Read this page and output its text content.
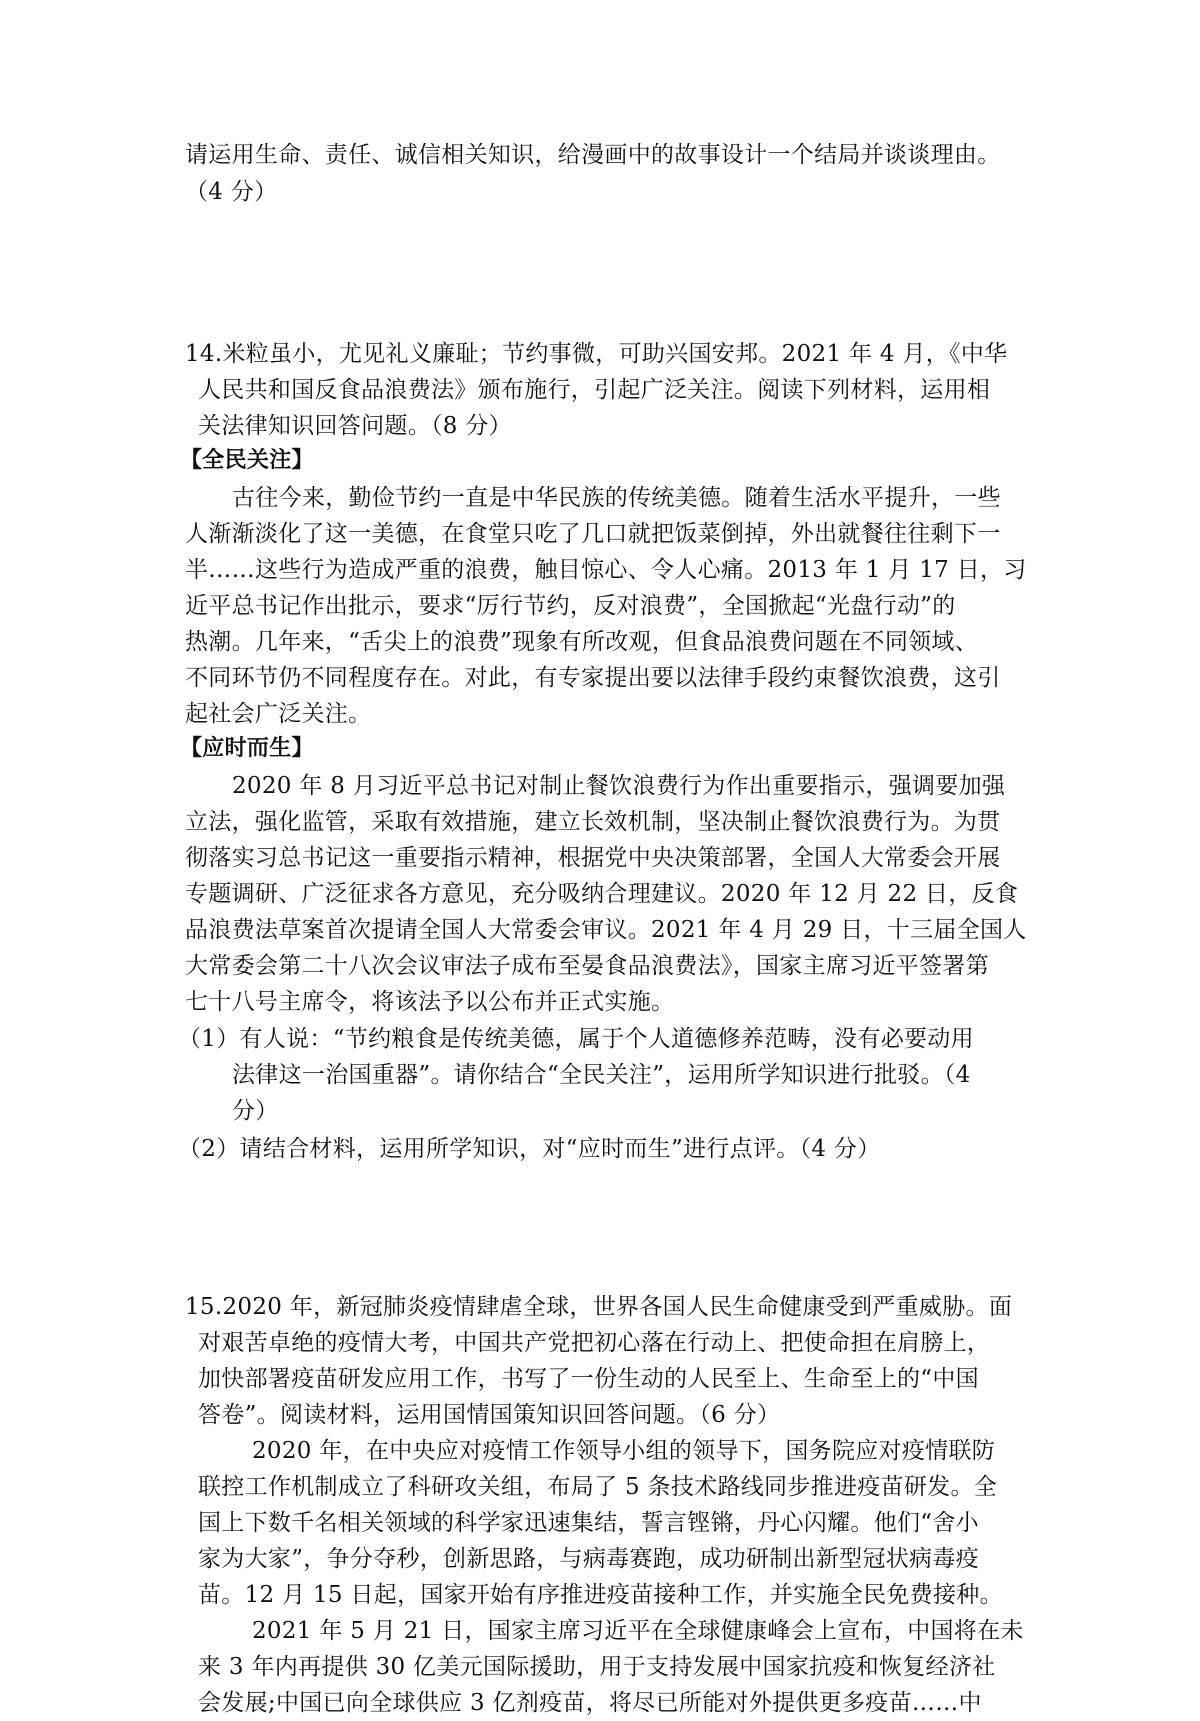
请运用生命、责任、诚信相关知识，给漫画中的故事设计一个结局并谈谈理由。
（4 分）
14.米粒虽小，尤见礼义廉耻；节约事微，可助兴国安邦。2021 年 4 月，《中华
人民共和国反食品浪费法》颁布施行，引起广泛关注。阅读下列材料，运用相
关法律知识回答问题。（8 分）
【全民关注】
古往今来，勤俭节约一直是中华民族的传统美德。随着生活水平提升，一些
人渐渐淡化了这一美德，在食堂只吃了几口就把饭菜倒掉，外出就餐往往剩下一
半……这些行为造成严重的浪费，触目惊心、令人心痛。2013 年 1 月 17 日，习
近平总书记作出批示，要求“厉行节约，反对浪费”，全国掀起“光盘行动”的
热潮。几年来，“舌尖上的浪费”现象有所改观，但食品浪费问题在不同领域、
不同环节仍不同程度存在。对此，有专家提出要以法律手段约束餐饮浪费，这引
起社会广泛关注。
【应时而生】
2020 年 8 月习近平总书记对制止餐饮浪费行为作出重要指示，强调要加强
立法，强化监管，采取有效措施，建立长效机制，坚决制止餐饮浪费行为。为贯
彻落实习总书记这一重要指示精神，根据党中央决策部署，全国人大常委会开展
专题调研、广泛征求各方意见，充分吸纳合理建议。2020 年 12 月 22 日，反食
品浪费法草案首次提请全国人大常委会审议。2021 年 4 月 29 日，十三届全国人
大常委会第二十八次会议审法子成布至晏食品浪费法》，国家主席习近平签署第
七十八号主席令，将该法予以公布并正式实施。
（1）有人说：“节约粮食是传统美德，属于个人道德修养范畴，没有必要动用
法律这一治国重器”。请你结合“全民关注”，运用所学知识进行批驳。（4
分）
（2）请结合材料，运用所学知识，对“应时而生”进行点评。（4 分）
15.2020 年，新冠肺炎疫情肆虐全球，世界各国人民生命健康受到严重威胁。面
对艰苦卓绝的疫情大考，中国共产党把初心落在行动上、把使命担在肩膀上，
加快部署疫苗研发应用工作，书写了一份生动的人民至上、生命至上的“中国
答卷”。阅读材料，运用国情国策知识回答问题。（6 分）
2020 年，在中央应对疫情工作领导小组的领导下，国务院应对疫情联防
联控工作机制成立了科研攻关组，布局了 5 条技术路线同步推进疫苗研发。全
国上下数千名相关领域的科学家迅速集结，誓言铿锵，丹心闪耀。他们“舍小
家为大家”，争分夺秒，创新思路，与病毒赛跑，成功研制出新型冠状病毒疫
苗。12 月 15 日起，国家开始有序推进疫苗接种工作，并实施全民免费接种。
2021 年 5 月 21 日，国家主席习近平在全球健康峰会上宣布，中国将在未
来 3 年内再提供 30 亿美元国际援助，用于支持发展中国家抗疫和恢复经济社
会发展;中国已向全球供应 3 亿剂疫苗，将尽已所能对外提供更多疫苗……中
